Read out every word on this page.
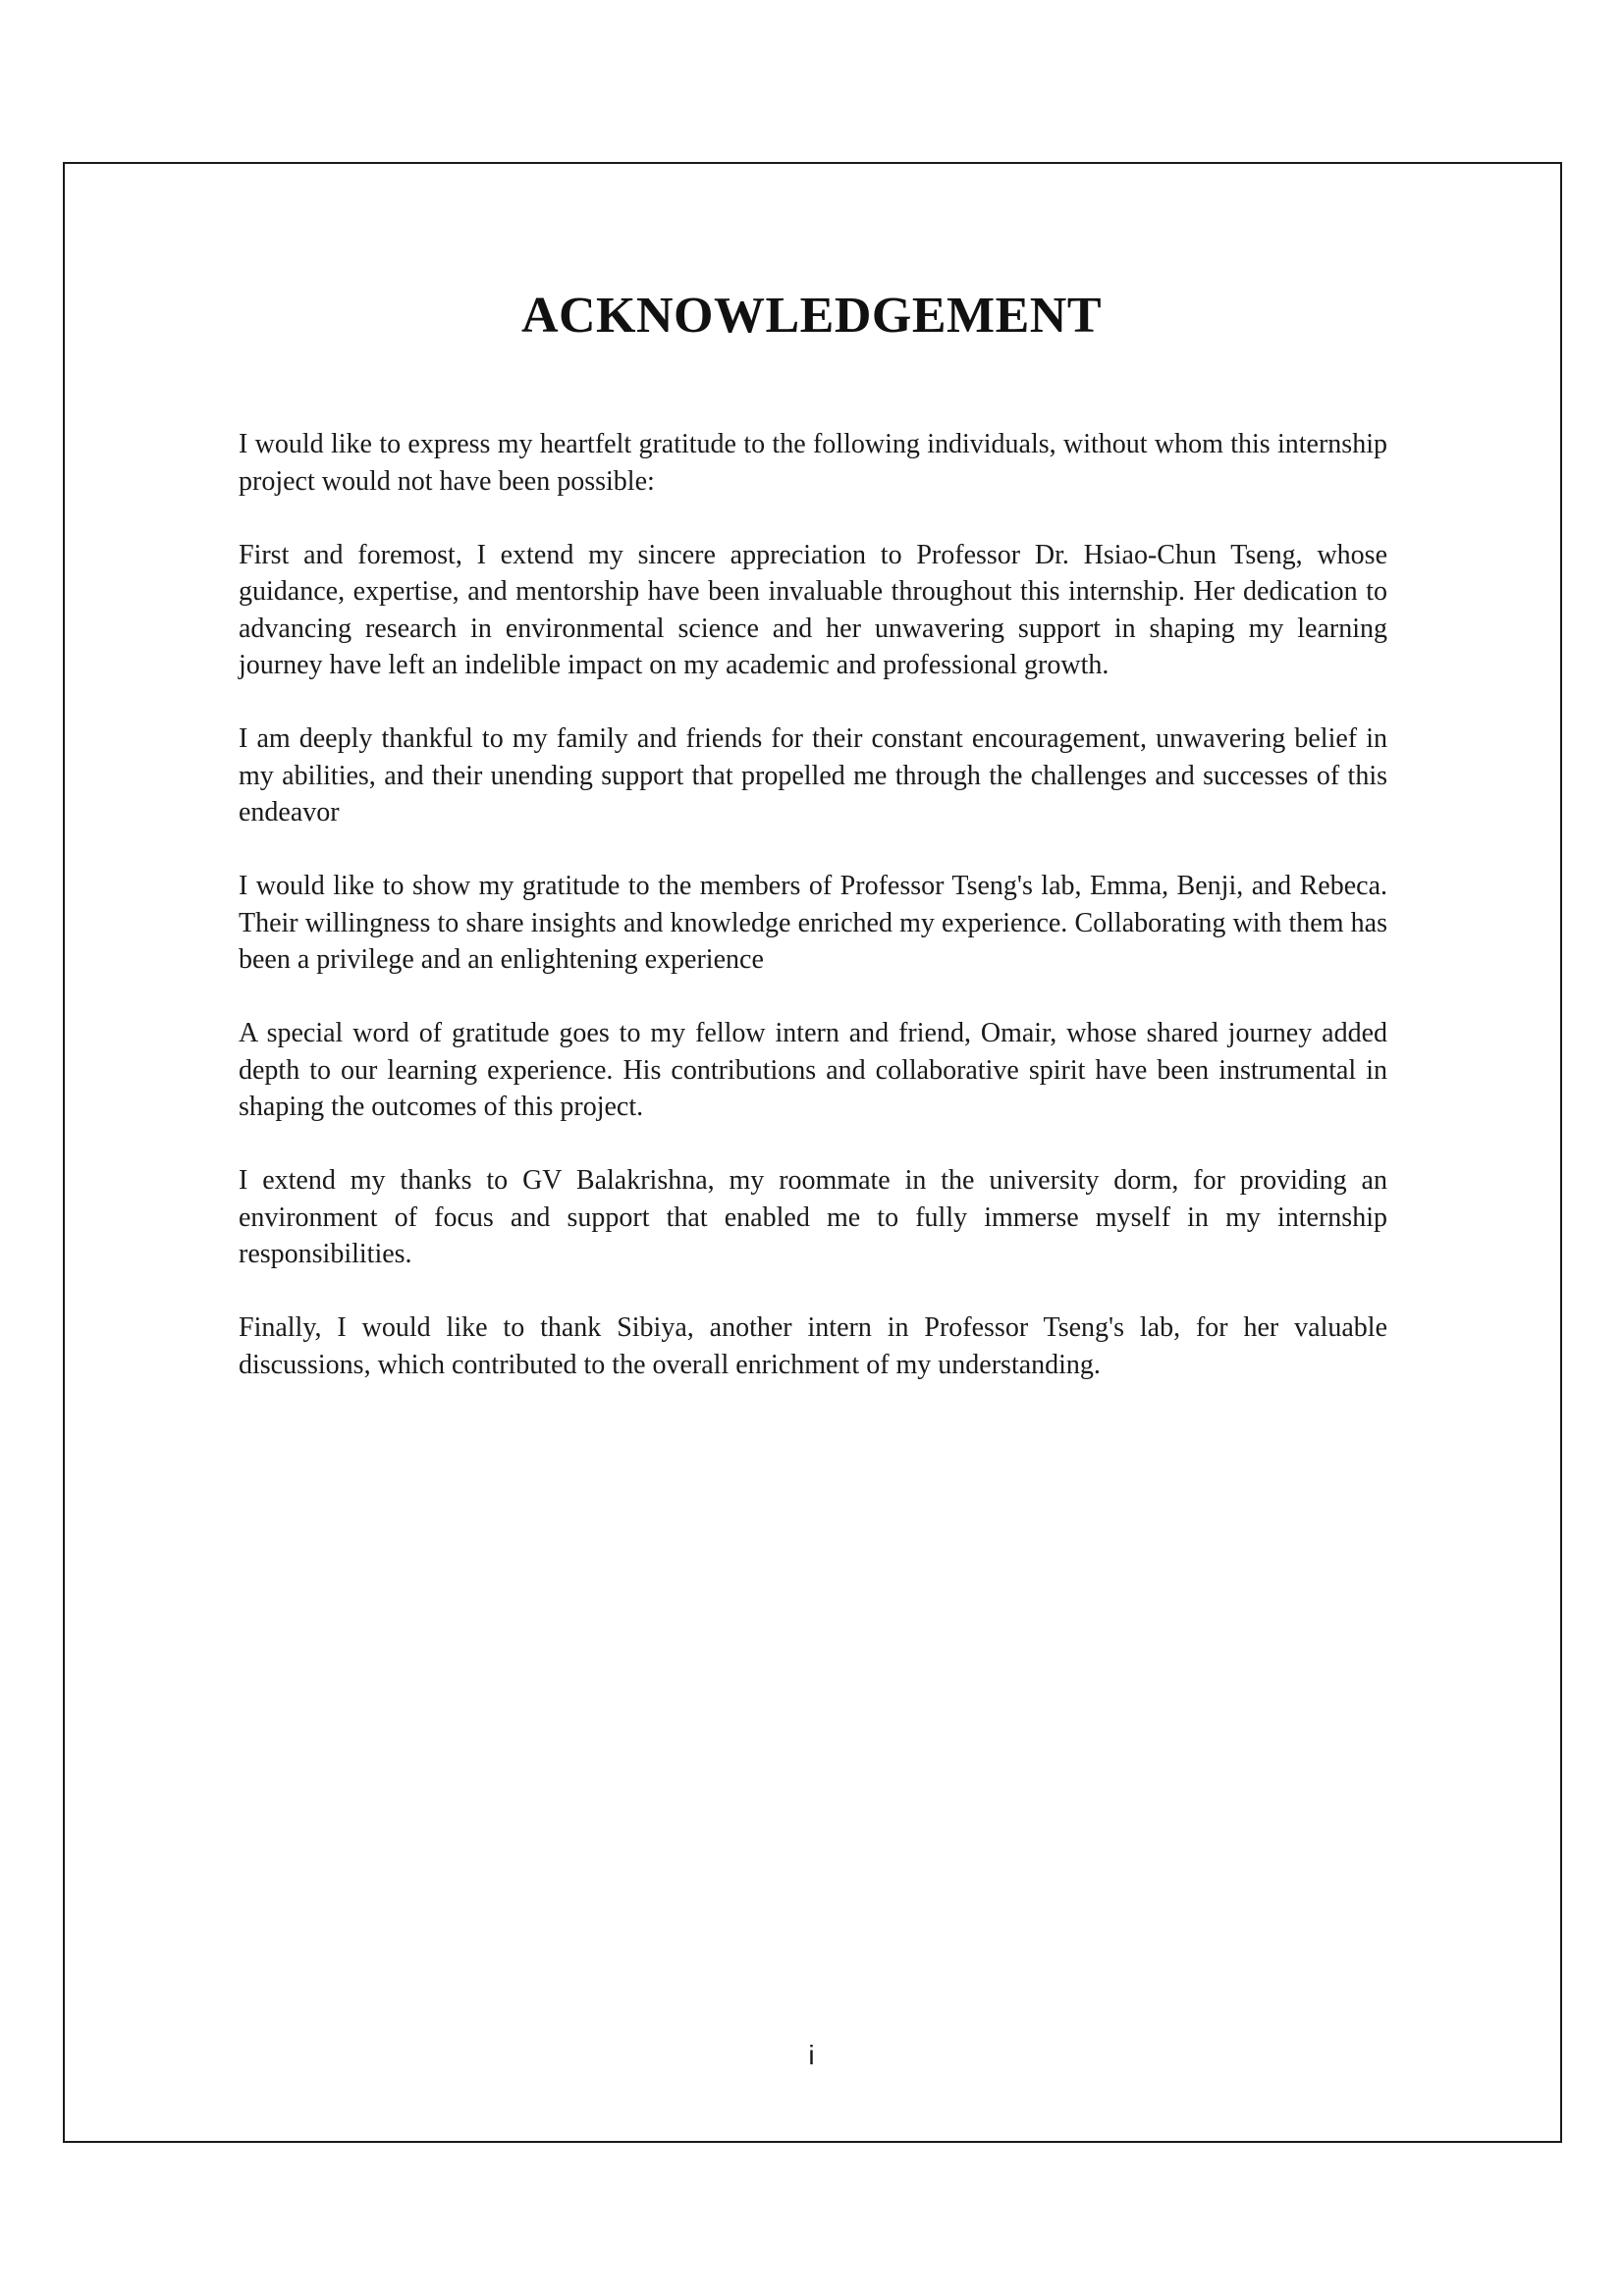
ACKNOWLEDGEMENT

I would like to express my heartfelt gratitude to the following individuals, without whom this internship project would not have been possible:

First and foremost, I extend my sincere appreciation to Professor Dr. Hsiao-Chun Tseng, whose guidance, expertise, and mentorship have been invaluable throughout this internship. Her dedication to advancing research in environmental science and her unwavering support in shaping my learning journey have left an indelible impact on my academic and professional growth.

I am deeply thankful to my family and friends for their constant encouragement, unwavering belief in my abilities, and their unending support that propelled me through the challenges and successes of this endeavor

I would like to show my gratitude to the members of Professor Tseng's lab, Emma, Benji, and Rebeca. Their willingness to share insights and knowledge enriched my experience. Collaborating with them has been a privilege and an enlightening experience

A special word of gratitude goes to my fellow intern and friend, Omair, whose shared journey added depth to our learning experience. His contributions and collaborative spirit have been instrumental in shaping the outcomes of this project.

I extend my thanks to GV Balakrishna, my roommate in the university dorm, for providing an environment of focus and support that enabled me to fully immerse myself in my internship responsibilities.

Finally, I would like to thank Sibiya, another intern in Professor Tseng's lab, for her valuable discussions, which contributed to the overall enrichment of my understanding.

i
